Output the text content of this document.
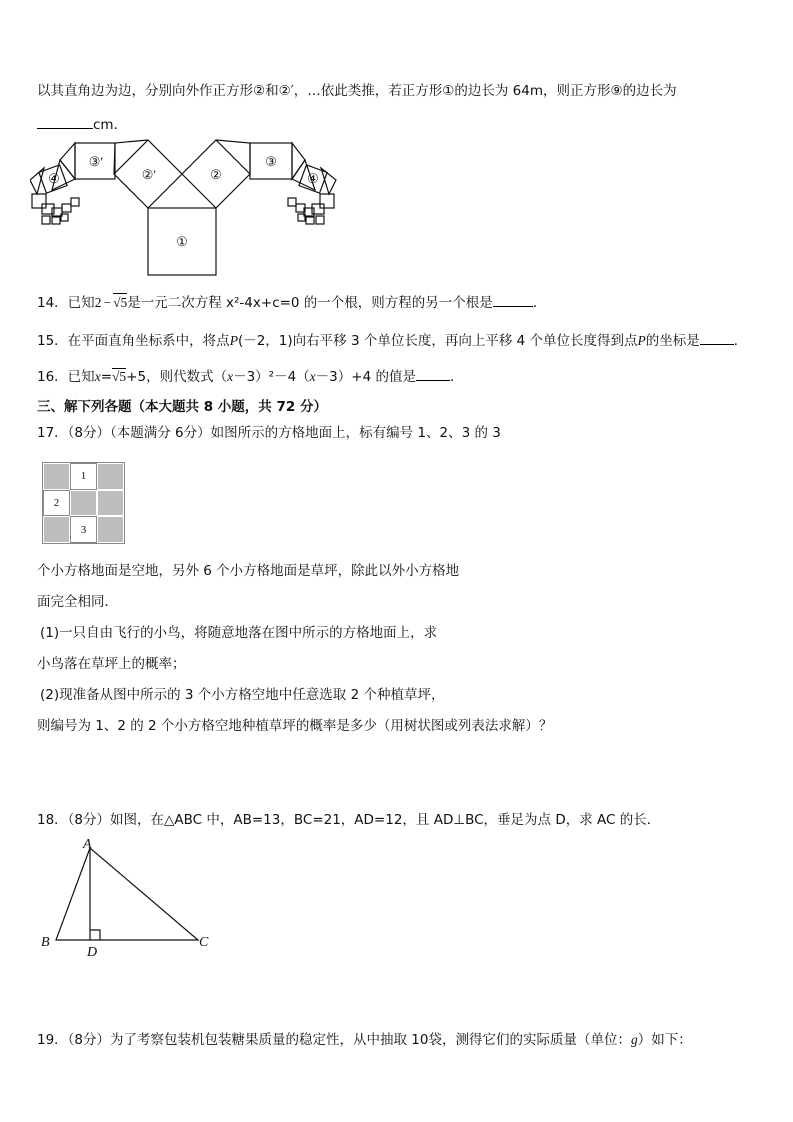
以其直角边为边，分别向外作正方形②和②′，…依此类推，若正方形①的边长为 64m，则正方形⑨的边长为
cm．
①
②
②′
③
③′
④
④
14．已知2 − √5是一元二次方程 x²-4x+c=0 的一个根，则方程的另一个根是	．
15．在平面直角坐标系中，将点P(－2，1)向右平移 3 个单位长度，再向上平移 4 个单位长度得到点P的坐标是	．
16．已知x=√5+5，则代数式（x－3）²－4（x－3）+4 的值是	．
三、解下列各题（本大题共 8 小题，共 72 分）
17．（8分）（本题满分 6分）如图所示的方格地面上，标有编号 1、2、3 的 3
1
2
3
个小方格地面是空地，另外 6 个小方格地面是草坪，除此以外小方格地
面完全相同．
(1)一只自由飞行的小鸟，将随意地落在图中所示的方格地面上，求
小鸟落在草坪上的概率；
(2)现准备从图中所示的 3 个小方格空地中任意选取 2 个种植草坪，
则编号为 1、2 的 2 个小方格空地种植草坪的概率是多少（用树状图或列表法求解）？
18．（8分）如图，在△ABC 中，AB=13，BC=21，AD=12，且 AD⊥BC，垂足为点 D，求 AC 的长．
A
B	C
D
19．（8分）为了考察包装机包装糖果质量的稳定性，从中抽取 10袋，测得它们的实际质量（单位：g）如下：
